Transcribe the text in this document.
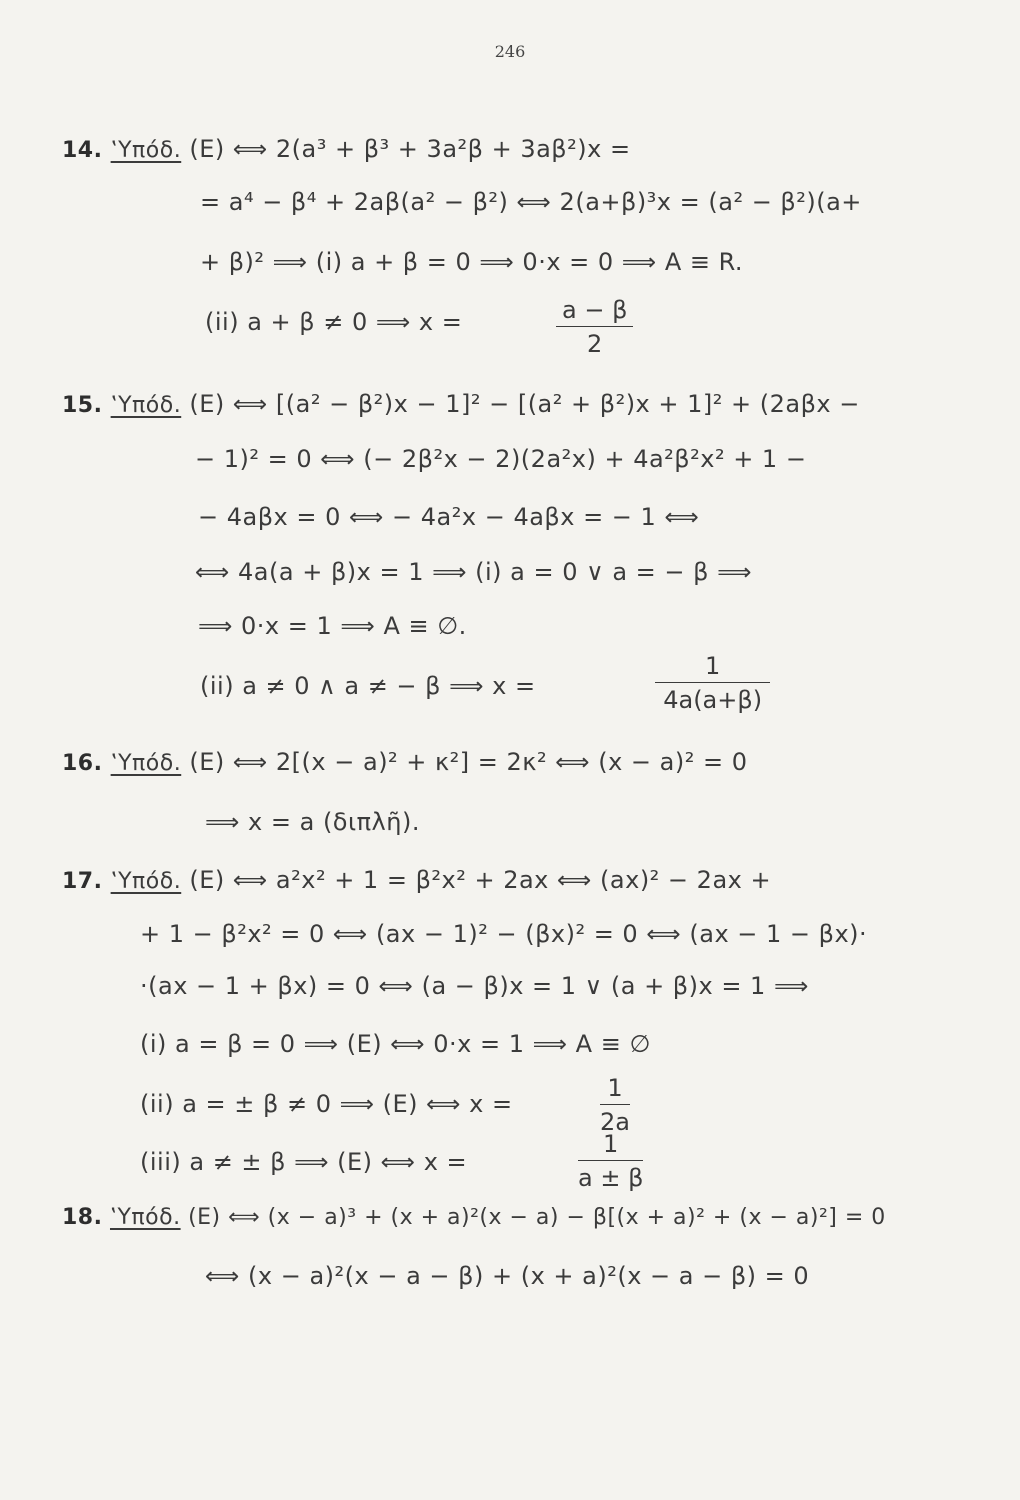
246
14. ‛Υπόδ. (E) ⟺ 2(a³ + β³ + 3a²β + 3aβ²)x =
= a⁴ − β⁴ + 2aβ(a² − β²) ⟺ 2(a+β)³x = (a² − β²)(a+
+ β)² ⟹ (i) a + β = 0 ⟹ 0·x = 0 ⟹ A ≡ R.
(ii) a + β ≠ 0 ⟹ x =	$\frac{a - \beta}{2}$
15. ‛Υπόδ. (E) ⟺ [(a² − β²)x − 1]² − [(a² + β²)x + 1]² + (2aβx −
− 1)² = 0 ⟺ (− 2β²x − 2)(2a²x) + 4a²β²x² + 1 −
− 4aβx = 0 ⟺ − 4a²x − 4aβx = − 1 ⟺
⟺ 4a(a + β)x = 1 ⟹ (i) a = 0 ∨ a = − β ⟹
⟹ 0·x = 1 ⟹ A ≡ ∅.
(ii) a ≠ 0 ∧ a ≠ − β ⟹ x =	$\frac{1}{4a(a+\beta)}$
16. ‛Υπόδ. (E) ⟺ 2[(x − a)² + κ²] = 2κ² ⟺ (x − a)² = 0
⟹ x = a (διπλῆ).
17. ‛Υπόδ. (E) ⟺ a²x² + 1 = β²x² + 2ax ⟺ (ax)² − 2ax +
+ 1 − β²x² = 0 ⟺ (ax − 1)² − (βx)² = 0 ⟺ (ax − 1 − βx)·
·(ax − 1 + βx) = 0 ⟺ (a − β)x = 1 ∨ (a + β)x = 1 ⟹
(i) a = β = 0 ⟹ (E) ⟺ 0·x = 1 ⟹ A ≡ ∅
(ii) a = ± β ≠ 0 ⟹ (E) ⟺ x =	$\frac{1}{2a}$
(iii) a ≠ ± β ⟹ (E) ⟺ x =	$\frac{1}{a \pm \beta}$
18. ‛Υπόδ. (E) ⟺ (x − a)³ + (x + a)²(x − a) − β[(x + a)² + (x − a)²] = 0
⟺ (x − a)²(x − a − β) + (x + a)²(x − a − β) = 0
